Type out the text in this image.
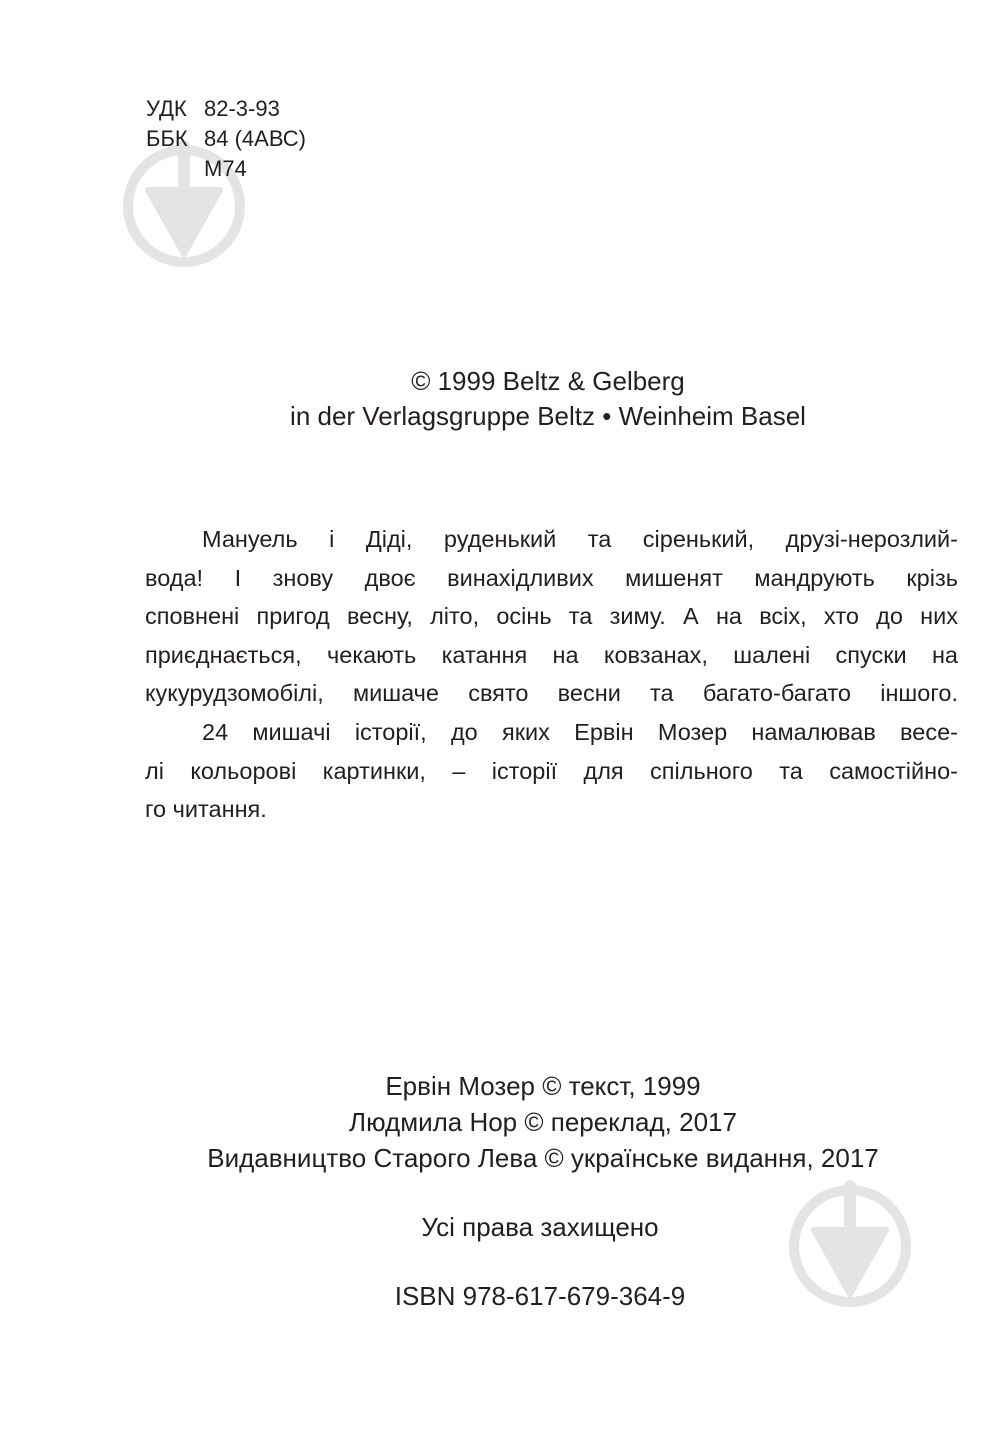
УДК 82-3-93
ББК 84 (4АВС)
М74
© 1999 Beltz & Gelberg
in der Verlagsgruppe Beltz • Weinheim Basel
Мануель і Діді, руденький та сіренький, друзі-нерозлий-
вода! І знову двоє винахідливих мишенят мандрують крізь
сповнені пригод весну, літо, осінь та зиму. А на всіх, хто до них
приєднається, чекають катання на ковзанах, шалені спуски на
кукурудзомобілі, мишаче свято весни та багато-багато іншого.
24 мишачі історії, до яких Ервін Мозер намалював весе-
лі кольорові картинки, – історії для спільного та самостійно-
го читання.
Ервін Мозер © текст, 1999
Людмила Нор © переклад, 2017
Видавництво Старого Лева © українське видання, 2017
Усі права захищено
ISBN 978-617-679-364-9
